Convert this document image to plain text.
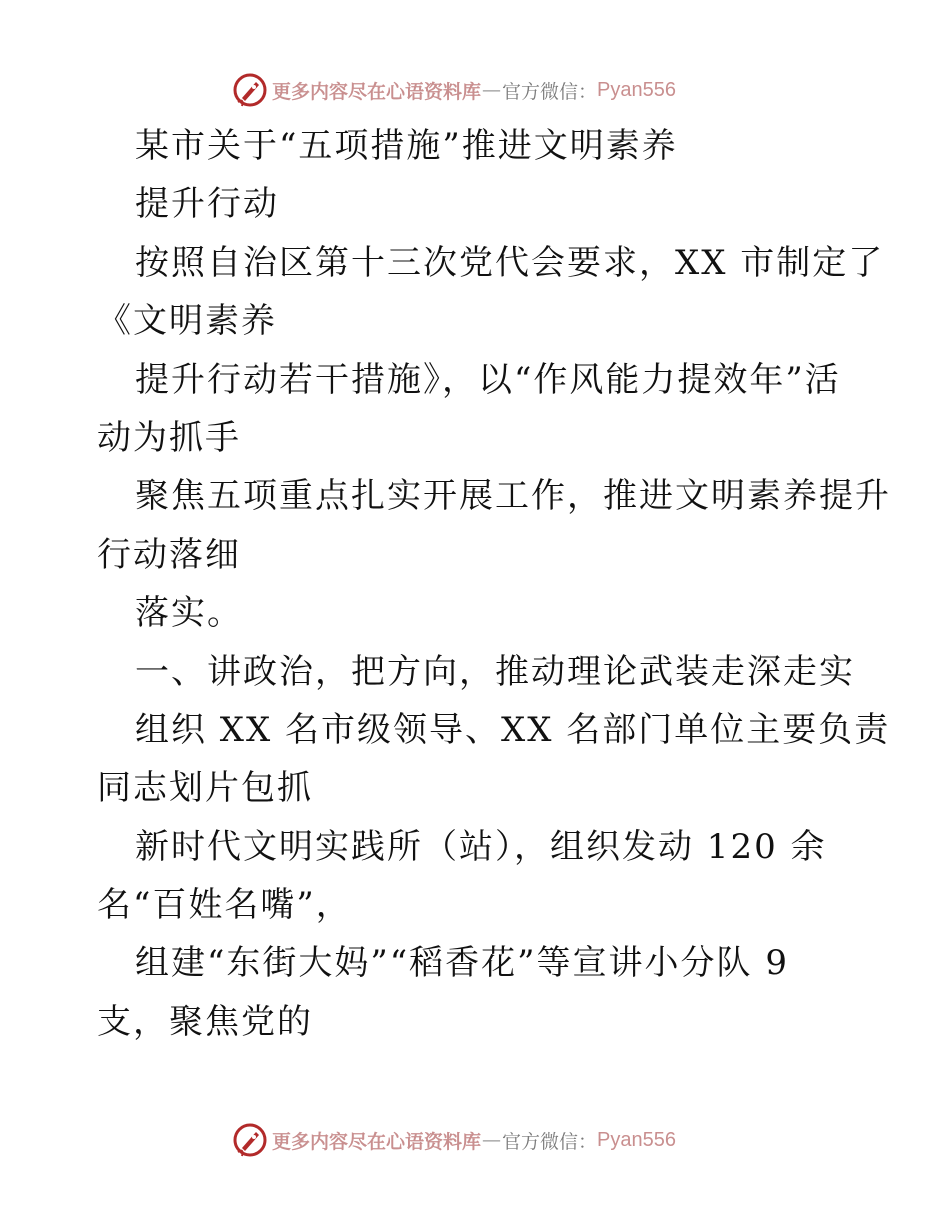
更多内容尽在心语资料库 — 官方微信： Pyan556
某市关于“五项措施”推进文明素养
提升行动
按照自治区第十三次党代会要求，XX 市制定了
《文明素养
提升行动若干措施》，以“作风能力提效年”活
动为抓手
聚焦五项重点扎实开展工作，推进文明素养提升
行动落细
落实。
一、讲政治，把方向，推动理论武装走深走实
组织 XX 名市级领导、XX 名部门单位主要负责
同志划片包抓
新时代文明实践所（站），组织发动 120 余
名“百姓名嘴”，
组建“东街大妈”“稻香花”等宣讲小分队 9
支，聚焦党的
更多内容尽在心语资料库 — 官方微信： Pyan556
